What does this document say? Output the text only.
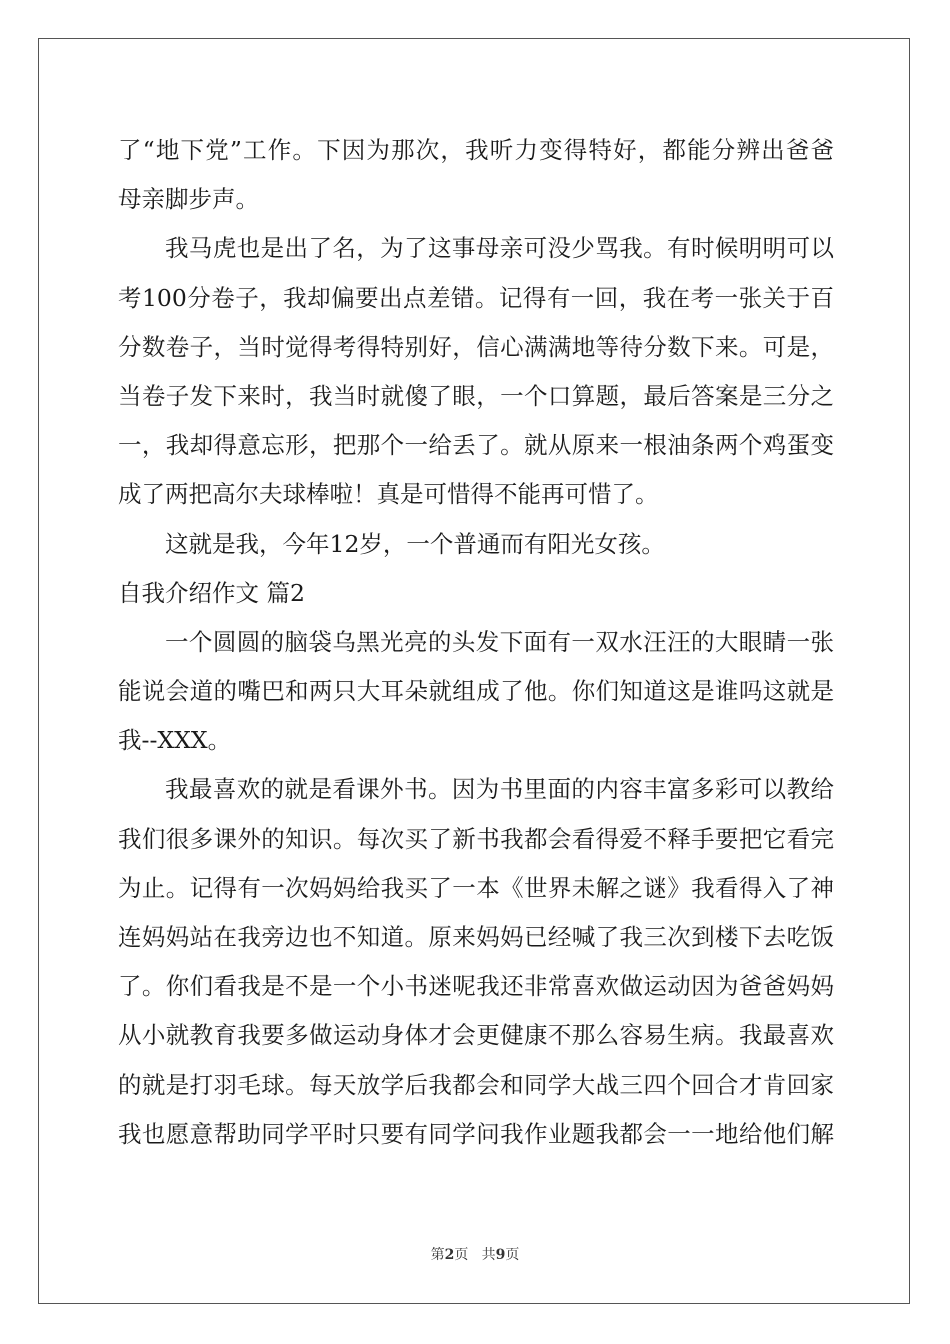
了“地下党”工作。下因为那次，我听力变得特好，都能分辨出爸爸
母亲脚步声。
我马虎也是出了名，为了这事母亲可没少骂我。有时候明明可以
考100分卷子，我却偏要出点差错。记得有一回，我在考一张关于百
分数卷子，当时觉得考得特别好，信心满满地等待分数下来。可是，
当卷子发下来时，我当时就傻了眼，一个口算题，最后答案是三分之
一，我却得意忘形，把那个一给丢了。就从原来一根油条两个鸡蛋变
成了两把高尔夫球棒啦！真是可惜得不能再可惜了。
这就是我，今年12岁，一个普通而有阳光女孩。
自我介绍作文 篇2
一个圆圆的脑袋乌黑光亮的头发下面有一双水汪汪的大眼睛一张
能说会道的嘴巴和两只大耳朵就组成了他。你们知道这是谁吗这就是
我--XXX。
我最喜欢的就是看课外书。因为书里面的内容丰富多彩可以教给
我们很多课外的知识。每次买了新书我都会看得爱不释手要把它看完
为止。记得有一次妈妈给我买了一本《世界未解之谜》我看得入了神
连妈妈站在我旁边也不知道。原来妈妈已经喊了我三次到楼下去吃饭
了。你们看我是不是一个小书迷呢我还非常喜欢做运动因为爸爸妈妈
从小就教育我要多做运动身体才会更健康不那么容易生病。我最喜欢
的就是打羽毛球。每天放学后我都会和同学大战三四个回合才肯回家
我也愿意帮助同学平时只要有同学问我作业题我都会一一地给他们解
第2页 共9页
